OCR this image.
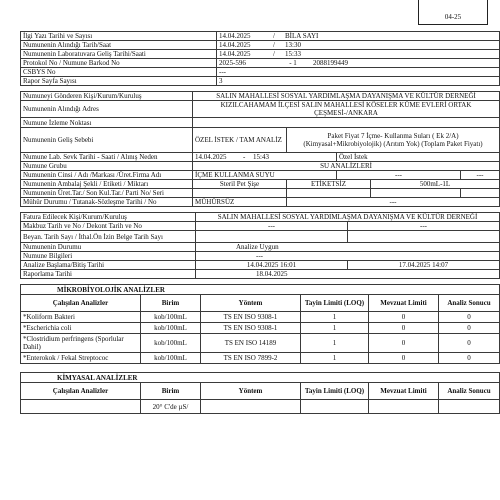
04-25
İlgi Yazı Tarihi ve Sayısı	14.04.2025 / BİLA SAYI
Numunenin Alındığı Tarih/Saat	14.04.2025 / 13:30
Numunenin Laboratuvara Geliş Tarihi/Saati	14.04.2025 / 15:33
Protokol No / Numune Barkod No	2025-596 - 1 2088199449
CSBYS No	---
Rapor Sayfa Sayısı	3
Numuneyi Gönderen Kişi/Kurum/Kuruluş	SALIN MAHALLESİ SOSYAL YARDIMLAŞMA DAYANIŞMA VE KÜLTÜR DERNEĞİ				
Numunenin Alındığı Adres	KIZILCAHAMAM İLÇESİ SALIN MAHALLESİ KÖSELER KÜME EVLERİ ORTAK ÇEŞMESİ-/ANKARA				
Numune İzleme Noktası					
Numunenin Geliş Sebebi	ÖZEL İSTEK / TAM ANALİZ	Paket Fiyat 7 İçme- Kullanma Suları ( Ek 2/A) (Kimyasal+Mikrobiyolojik) (Arıtım Yok) (Toplam Paket Fiyatı)			
Numune Lab. Sevk Tarihi - Saati / Alınış Neden	14.04.2025 - 15:43		Özel İstek		
Numune Grubu	SU ANALİZLERİ				
Numunenin Cinsi / Adı /Markası /Üret.Firma Adı	İÇME KULLANMA SUYU		---		---
Numunenin Ambalaj Şekli / Etiketi / Miktarı	Steril Pet Şişe	ETİKETSİZ		500mL-1L	
Numunenin Üret.Tar./ Son Kul.Tar./ Parti No/ Seri					
Mühür Durumu / Tutanak-Sözleşme Tarihi / No	MÜHÜRSÜZ	---			
Fatura Edilecek Kişi/Kurum/Kuruluş	SALIN MAHALLESİ SOSYAL YARDIMLAŞMA DAYANIŞMA VE KÜLTÜR DERNEĞİ	
Makbuz Tarih ve No / Dekont Tarih ve No	---	---
Beyan. Tarih Sayı / İthal.Ön İzin Belge Tarih Sayı		
Numunenin Durumu	Analize Uygun	
Numune Bilgileri	---	
Analize Başlama/Bitiş Tarihi	14.04.2025 16:01	17.04.2025 14:07
Raporlama Tarihi	18.04.2025	
MİKROBİYOLOJİK ANALİZLER					
Çalışılan Analizler	Birim	Yöntem	Tayin Limiti (LOQ)	Mevzuat Limiti	Analiz Sonucu
*Koliform Bakteri	kob/100mL	TS EN ISO 9308-1	1	0	0
*Escherichia coli	kob/100mL	TS EN ISO 9308-1	1	0	0
*Clostridium perfringens (Sporlular Dahil)	kob/100mL	TS EN ISO 14189	1	0	0
*Enterokok / Fekal Streptococ	kob/100mL	TS EN ISO 7899-2	1	0	0
KİMYASAL ANALİZLER					
Çalışılan Analizler	Birim	Yöntem	Tayin Limiti (LOQ)	Mevzuat Limiti	Analiz Sonucu
	20° C'de µS/				
